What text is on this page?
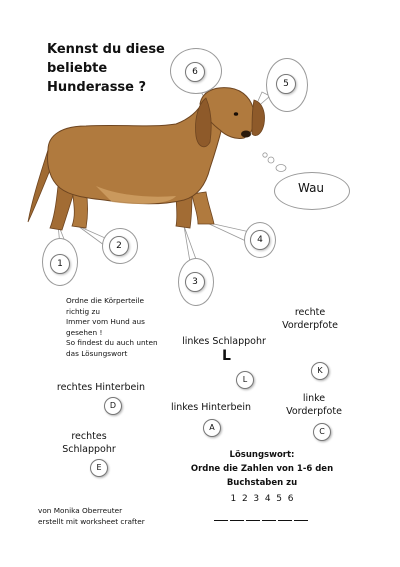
Kennst du diese
beliebte
Hunderasse ?
1
2
3
4
5
6
Wau
Ordne die Körperteile
richtig zu
Immer vom Hund aus
gesehen !
So findest du auch unten
das Lösungswort
rechte
Vorderpfote
linkes Schlappohr
L
L
K
rechtes Hinterbein
D	linkes Hinterbein
A
linke
Vorderpfote
C
rechtes
Schlappohr
E
Lösungswort:
Ordne die Zahlen von 1-6 den
Buchstaben zu
1  2  3  4  5  6
von Monika Oberreuter
erstellt mit worksheet crafter
